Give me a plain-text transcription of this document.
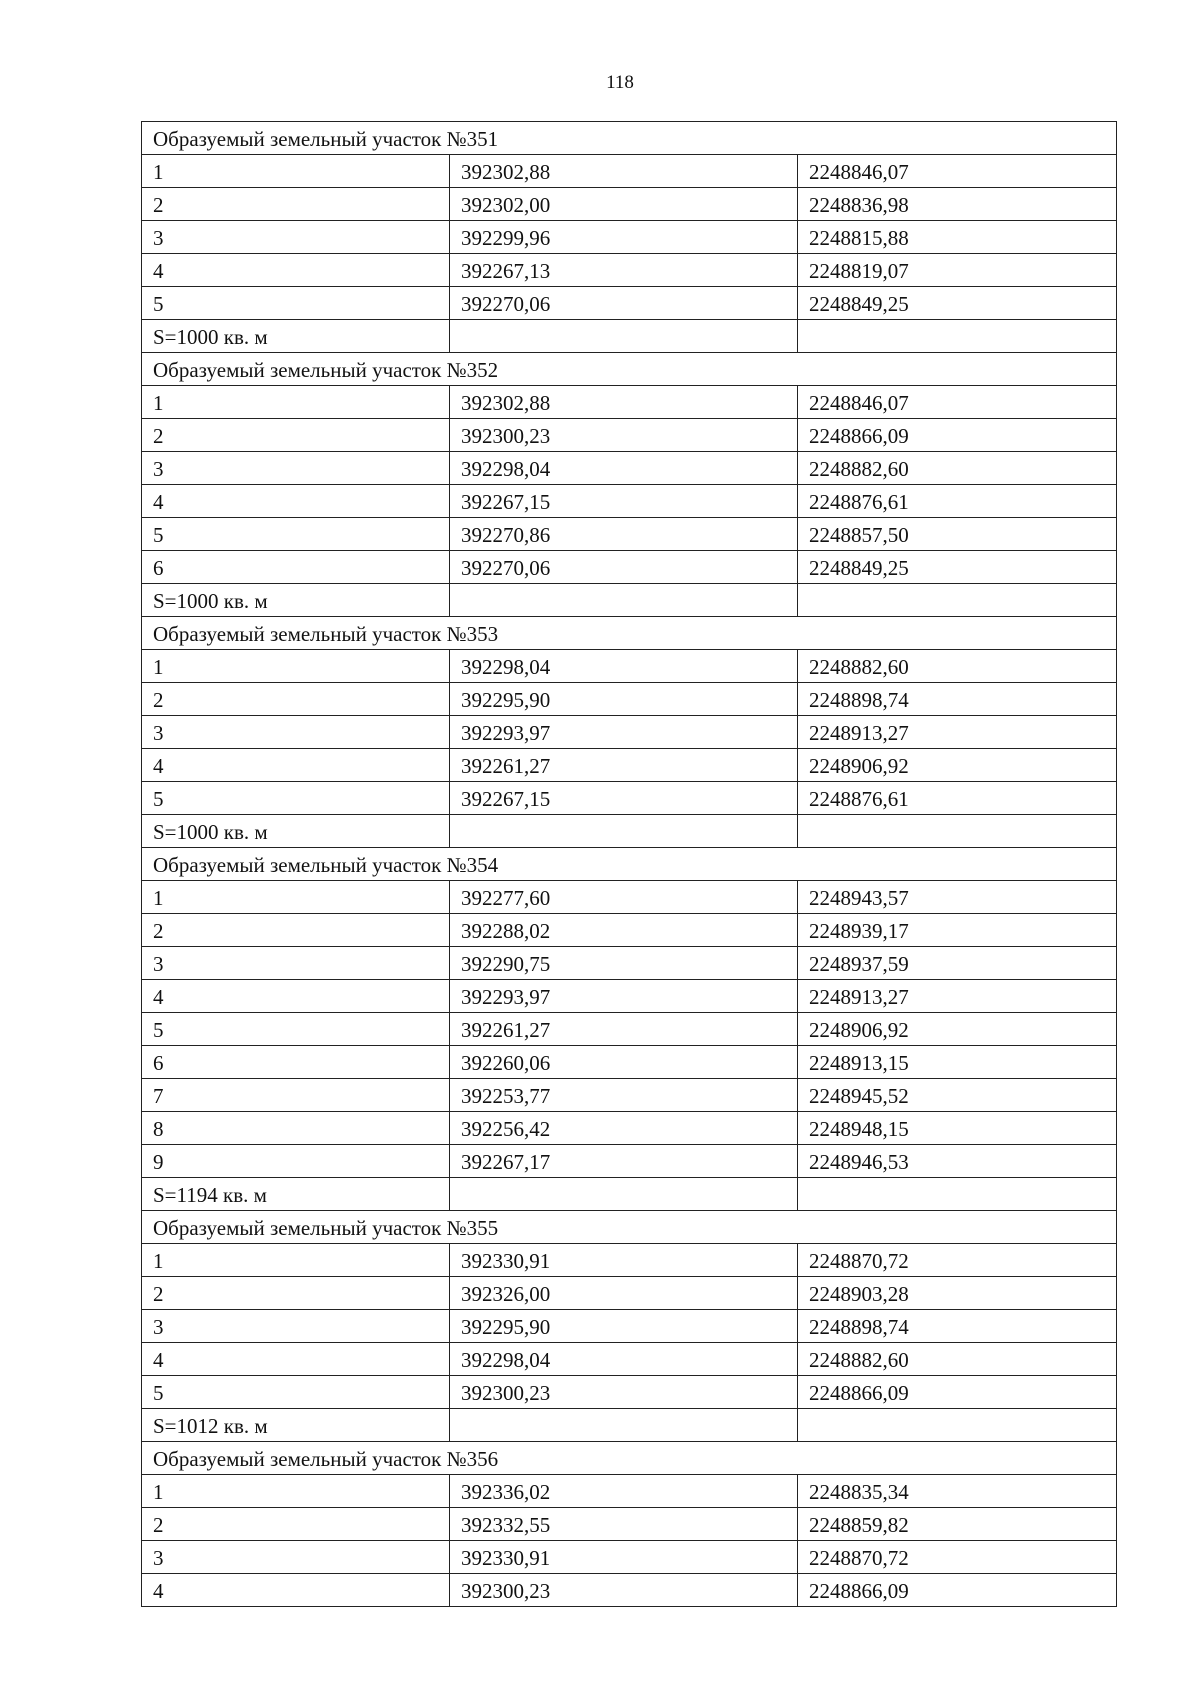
118
Образуемый земельный участок №351		
1	392302,88	2248846,07
2	392302,00	2248836,98
3	392299,96	2248815,88
4	392267,13	2248819,07
5	392270,06	2248849,25
S=1000 кв. м		
Образуемый земельный участок №352		
1	392302,88	2248846,07
2	392300,23	2248866,09
3	392298,04	2248882,60
4	392267,15	2248876,61
5	392270,86	2248857,50
6	392270,06	2248849,25
S=1000 кв. м		
Образуемый земельный участок №353		
1	392298,04	2248882,60
2	392295,90	2248898,74
3	392293,97	2248913,27
4	392261,27	2248906,92
5	392267,15	2248876,61
S=1000 кв. м		
Образуемый земельный участок №354		
1	392277,60	2248943,57
2	392288,02	2248939,17
3	392290,75	2248937,59
4	392293,97	2248913,27
5	392261,27	2248906,92
6	392260,06	2248913,15
7	392253,77	2248945,52
8	392256,42	2248948,15
9	392267,17	2248946,53
S=1194 кв. м		
Образуемый земельный участок №355		
1	392330,91	2248870,72
2	392326,00	2248903,28
3	392295,90	2248898,74
4	392298,04	2248882,60
5	392300,23	2248866,09
S=1012 кв. м		
Образуемый земельный участок №356		
1	392336,02	2248835,34
2	392332,55	2248859,82
3	392330,91	2248870,72
4	392300,23	2248866,09
